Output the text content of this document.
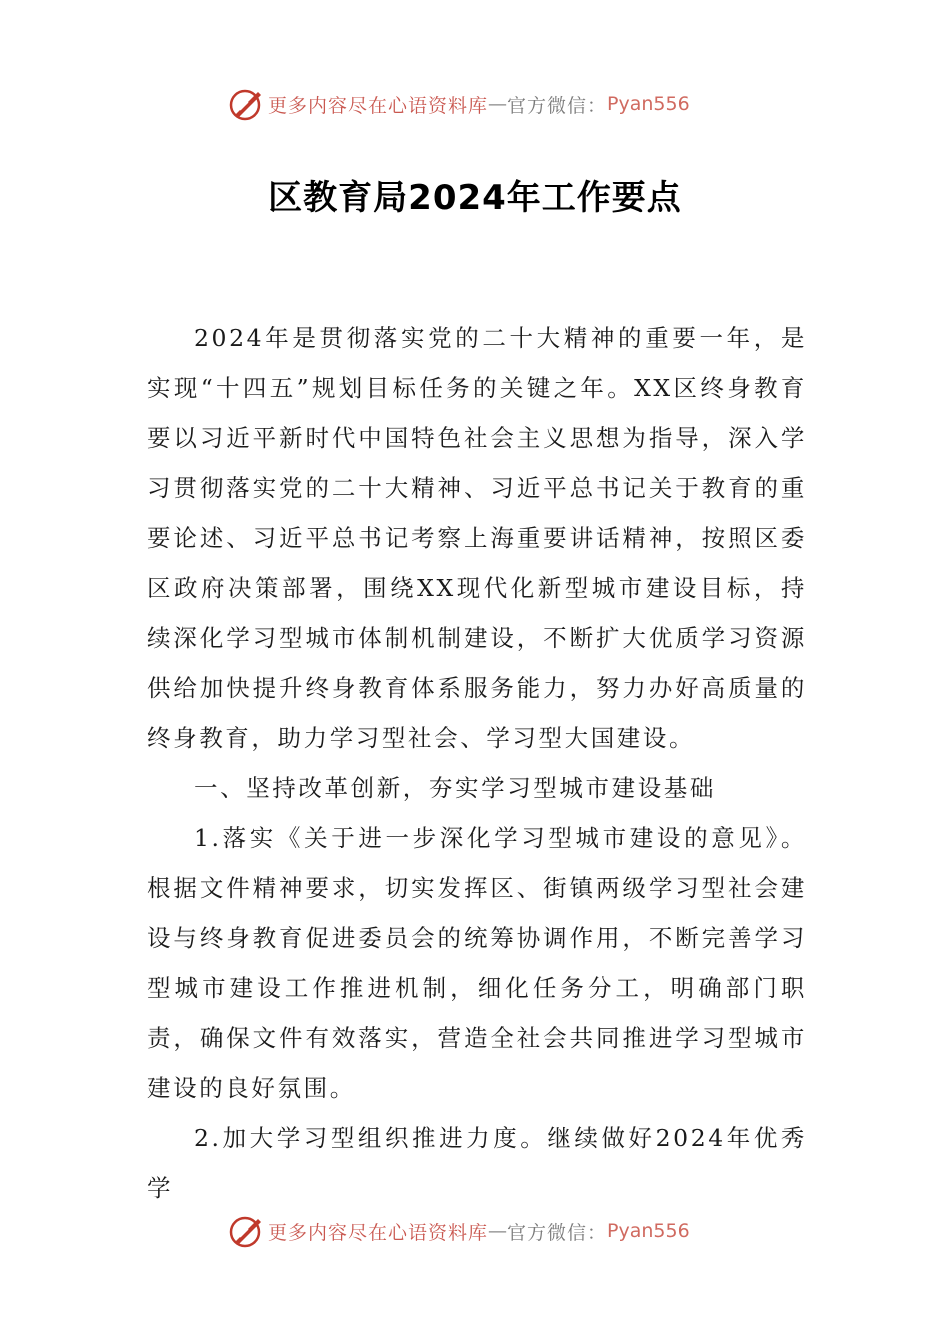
更多内容尽在心语资料库 — 官方微信： Pyan556
区教育局2024年工作要点

2024年是贯彻落实党的二十大精神的重要一年，是实现“十四五”规划目标任务的关键之年。XX区终身教育要以习近平新时代中国特色社会主义思想为指导，深入学习贯彻落实党的二十大精神、习近平总书记关于教育的重要论述、习近平总书记考察上海重要讲话精神，按照区委区政府决策部署，围绕XX现代化新型城市建设目标，持续深化学习型城市体制机制建设，不断扩大优质学习资源供给加快提升终身教育体系服务能力，努力办好高质量的终身教育，助力学习型社会、学习型大国建设。

一、坚持改革创新，夯实学习型城市建设基础

1.落实《关于进一步深化学习型城市建设的意见》。根据文件精神要求，切实发挥区、街镇两级学习型社会建设与终身教育促进委员会的统筹协调作用，不断完善学习型城市建设工作推进机制，细化任务分工，明确部门职责，确保文件有效落实，营造全社会共同推进学习型城市建设的良好氛围。

2.加大学习型组织推进力度。继续做好2024年优秀学

更多内容尽在心语资料库 — 官方微信： Pyan556
